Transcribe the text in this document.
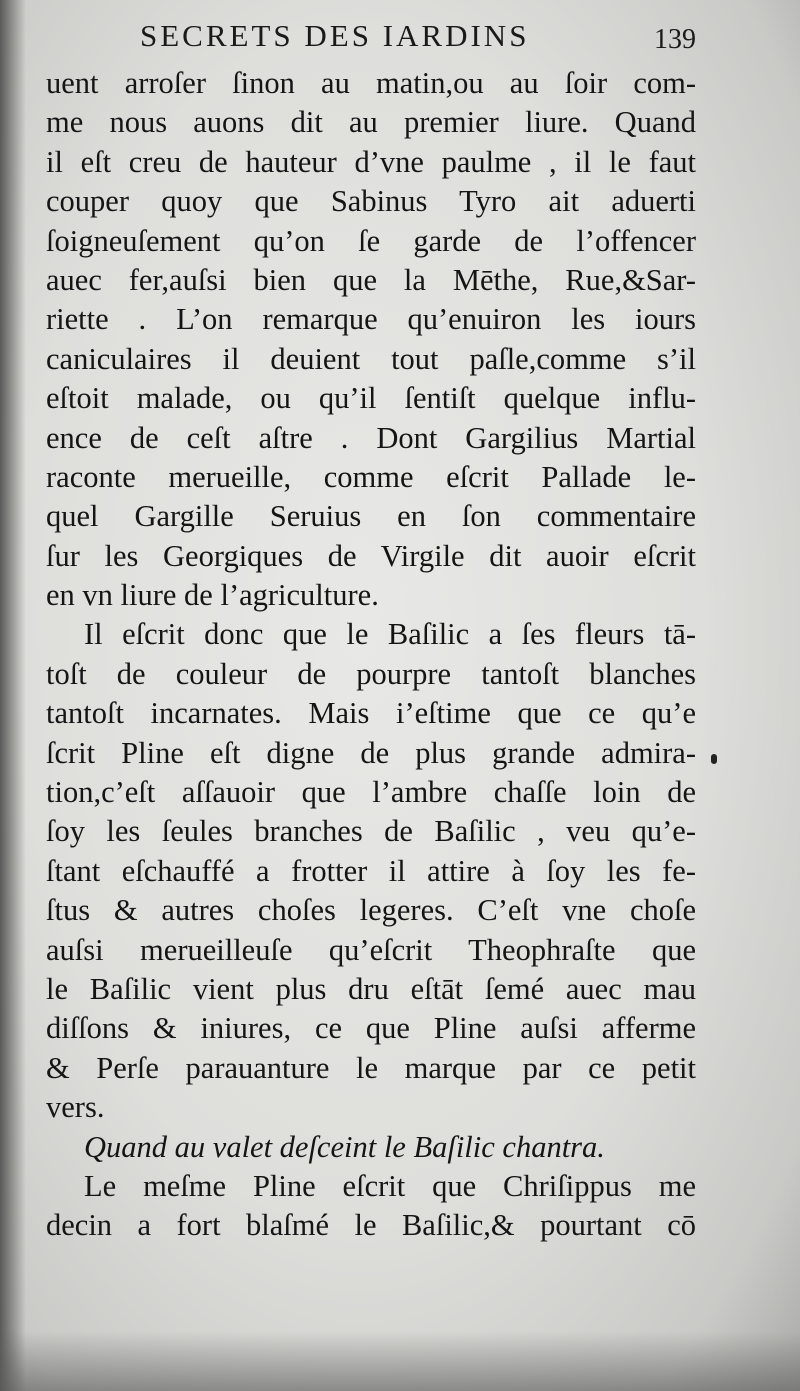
SECRETS DES IARDINS	139
uent arroſer ſinon au matin,ou au ſoir com-
me nous auons dit au premier liure. Quand
il eſt creu de hauteur d’vne paulme , il le faut
couper quoy que Sabinus Tyro ait aduerti
ſoigneuſement qu’on ſe garde de l’offencer
auec fer,auſsi bien que la Mēthe, Rue,&Sar-
riette . L’on remarque qu’enuiron les iours
caniculaires il deuient tout paſle,comme s’il
eſtoit malade, ou qu’il ſentiſt quelque influ-
ence de ceſt aſtre . Dont Gargilius Martial
raconte merueille, comme eſcrit Pallade le-
quel Gargille Seruius en ſon commentaire
ſur les Georgiques de Virgile dit auoir eſcrit
en vn liure de l’agriculture.
Il eſcrit donc que le Baſilic a ſes fleurs tā-
toſt de couleur de pourpre tantoſt blanches
tantoſt incarnates. Mais i’eſtime que ce qu’e
ſcrit Pline eſt digne de plus grande admira-
tion,c’eſt aſſauoir que l’ambre chaſſe loin de
ſoy les ſeules branches de Baſilic , veu qu’e-
ſtant eſchauffé a frotter il attire à ſoy les fe-
ſtus & autres choſes legeres. C’eſt vne choſe
auſsi merueilleuſe qu’eſcrit Theophraſte que
le Baſilic vient plus dru eſtāt ſemé auec mau
diſſons & iniures, ce que Pline auſsi afferme
& Perſe parauanture le marque par ce petit
vers.
Quand au valet deſceint le Baſilic chantra.
Le meſme Pline eſcrit que Chriſippus me
decin a fort blaſmé le Baſilic,& pourtant cō
